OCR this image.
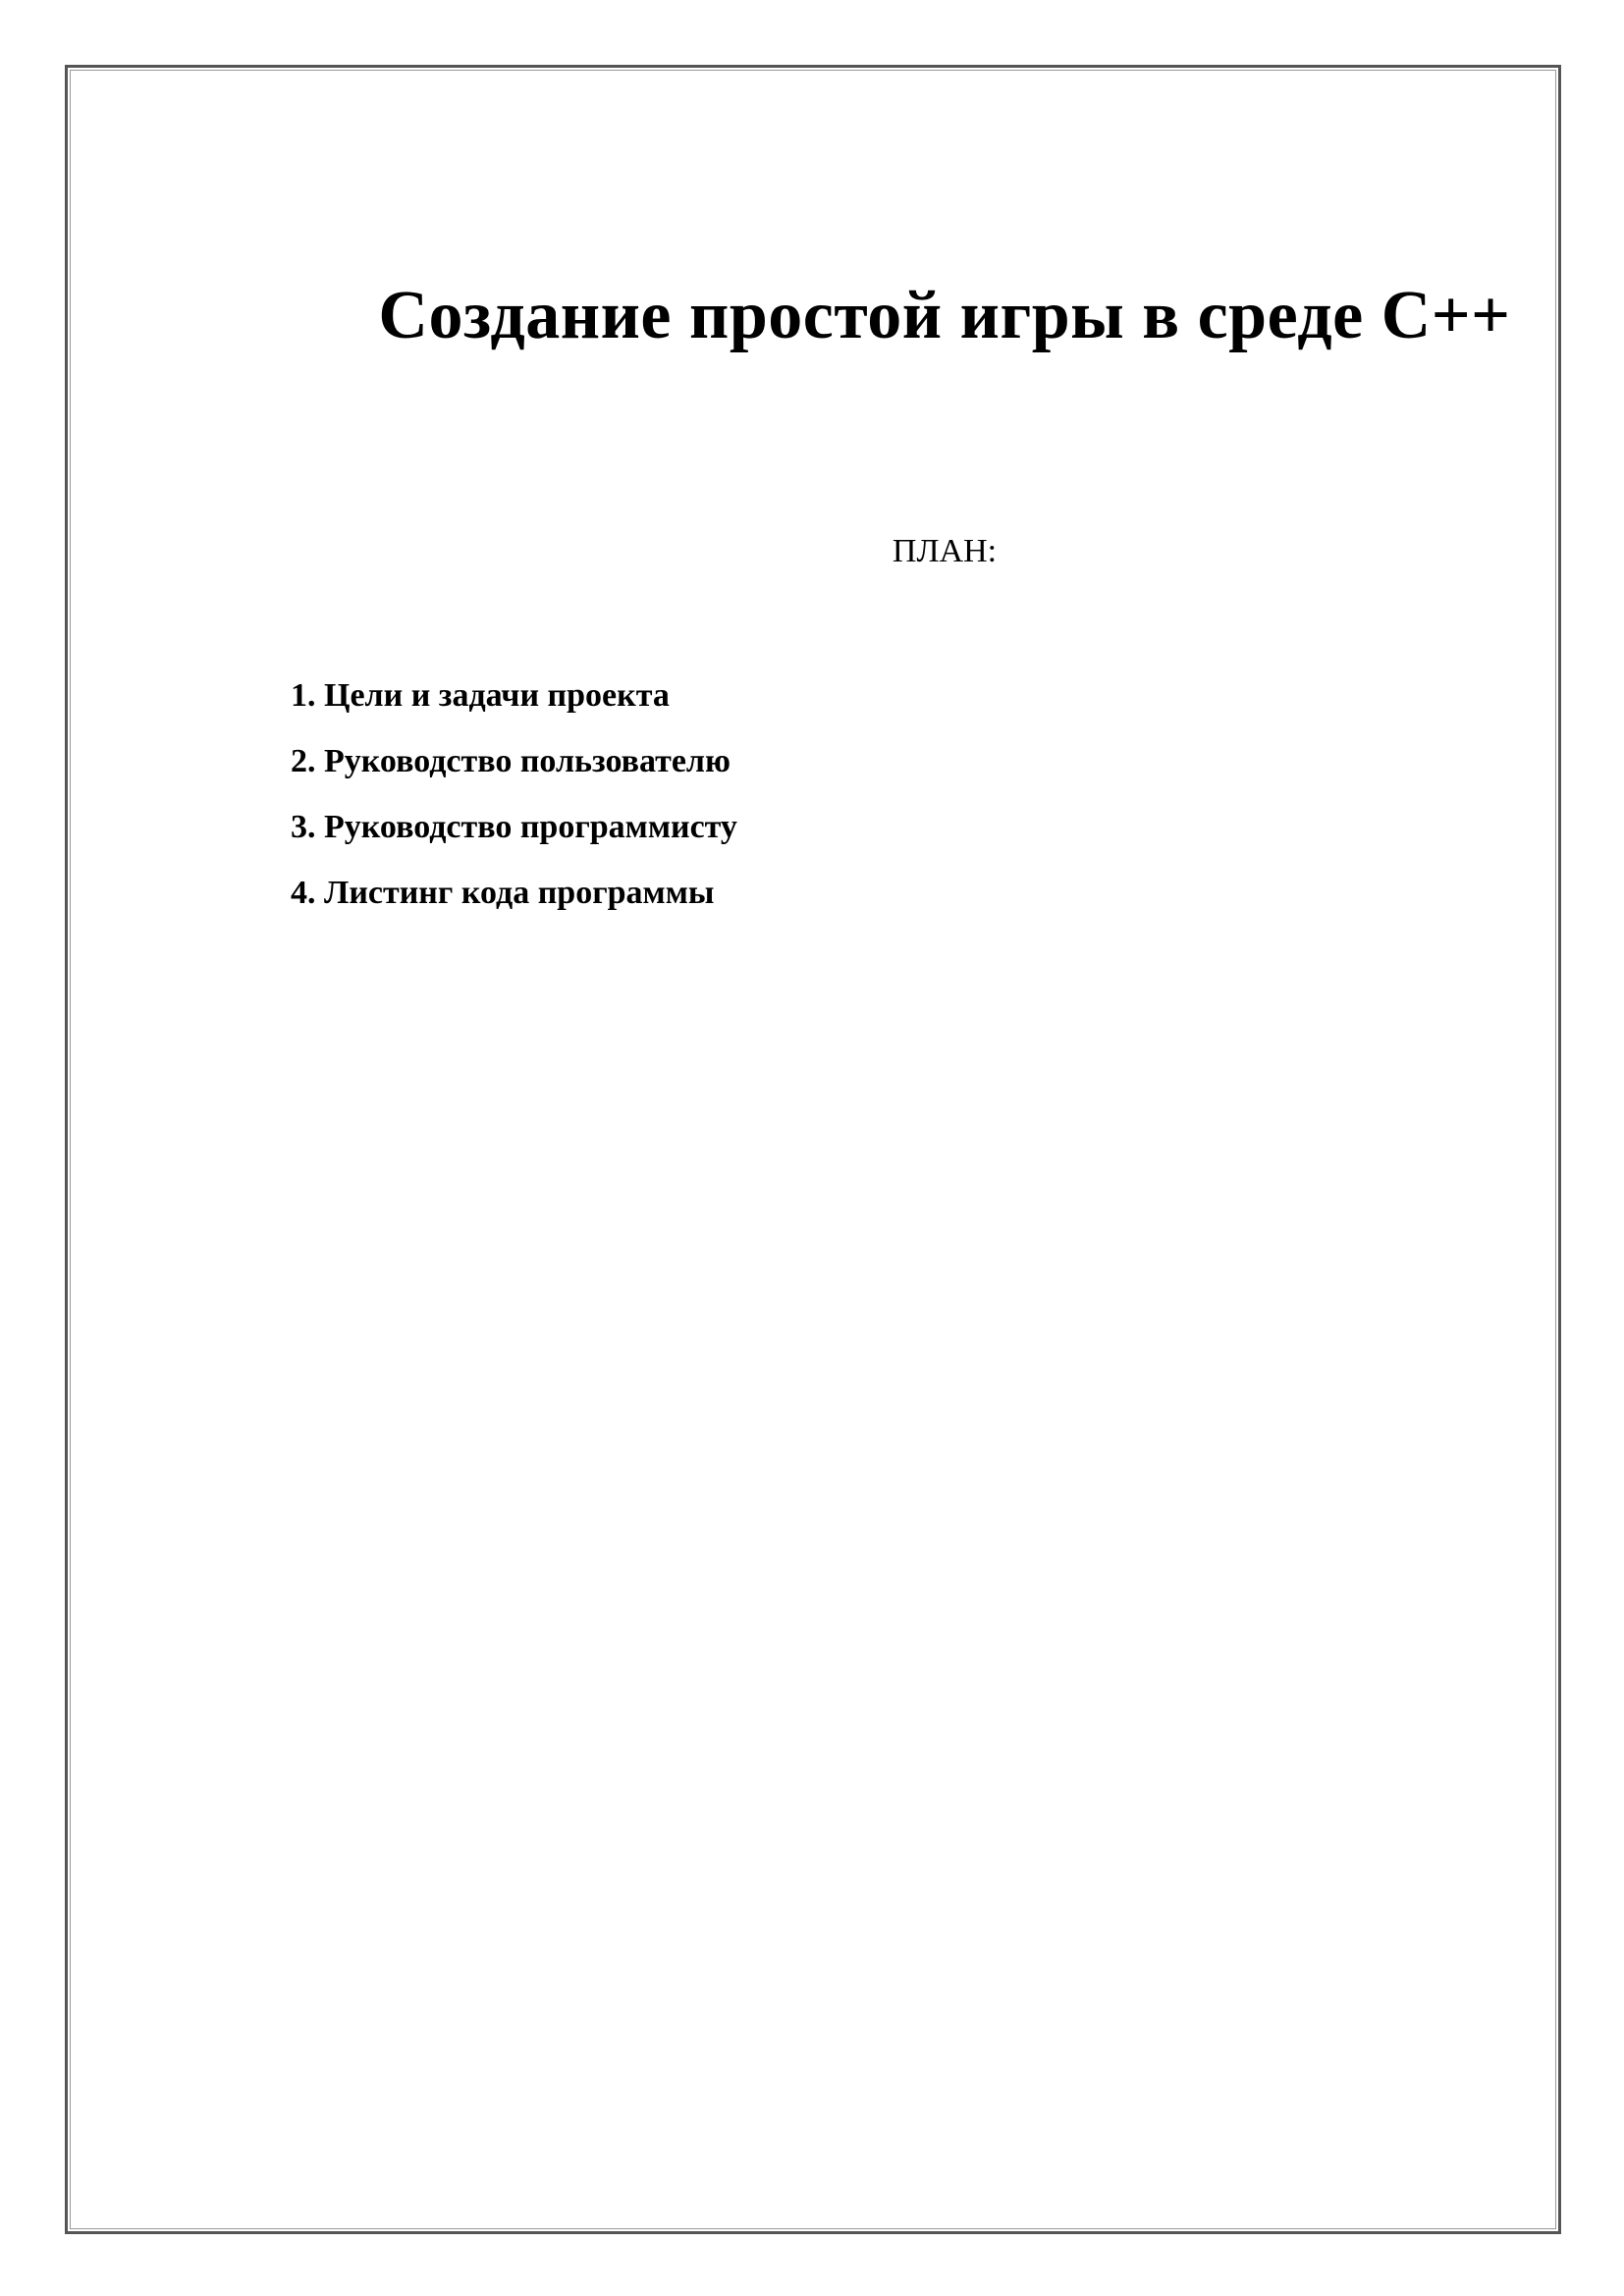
Создание простой игры в среде С++

ПЛАН:

1. Цели и задачи проекта
2. Руководство пользователю
3. Руководство программисту
4. Листинг кода программы
